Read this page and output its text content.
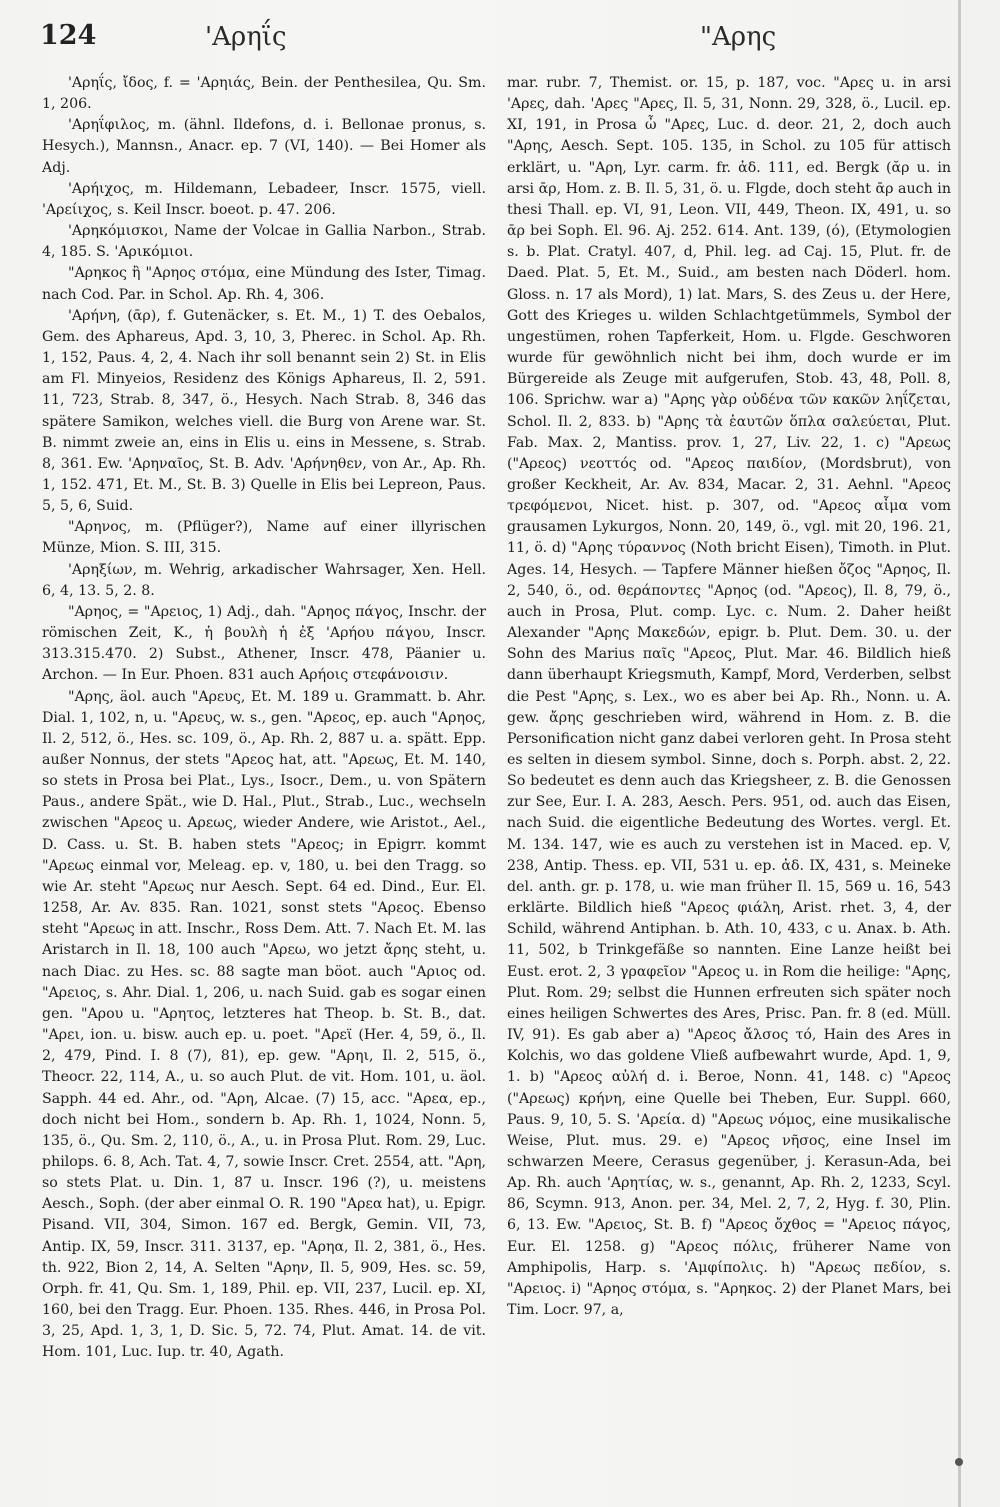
124	'Αρηΐς	"Αρης

'Αρηΐς, ἴδος, f. = 'Αρηιάς, Bein. der Penthesilea, Qu. Sm. 1, 206.

'Αρηΐφιλος, m. (ähnl. Ildefons, d. i. Bellonae pronus, s. Hesych.), Mannsn., Anacr. ep. 7 (VI, 140). — Bei Homer als Adj.

'Αρήιχος, m. Hildemann, Lebadeer, Inscr. 1575, viell. 'Αρείιχος, s. Keil Inscr. boeot. p. 47. 206.

'Αρηκόμισκοι, Name der Volcae in Gallia Narbon., Strab. 4, 185. S. 'Αρικόμιοι.

"Αρηκος ἢ "Αρηος στόμα, eine Mündung des Ister, Timag. nach Cod. Par. in Schol. Ap. Rh. 4, 306.

'Αρήνη, (ᾱρ), f. Gutenäcker, s. Et. M., 1) T. des Oebalos, Gem. des Aphareus, Apd. 3, 10, 3, Pherec. in Schol. Ap. Rh. 1, 152, Paus. 4, 2, 4. Nach ihr soll benannt sein 2) St. in Elis am Fl. Minyeios, Residenz des Königs Aphareus, Il. 2, 591. 11, 723, Strab. 8, 347, ö., Hesych. Nach Strab. 8, 346 das spätere Samikon, welches viell. die Burg von Arene war. St. B. nimmt zweie an, eins in Elis u. eins in Messene, s. Strab. 8, 361. Ew. 'Αρηναῖος, St. B. Adv. 'Αρήνηθεν, von Ar., Ap. Rh. 1, 152. 471, Et. M., St. B. 3) Quelle in Elis bei Lepreon, Paus. 5, 5, 6, Suid.

"Αρηνος, m. (Pflüger?), Name auf einer illyrischen Münze, Mion. S. III, 315.

'Αρηξίων, m. Wehrig, arkadischer Wahrsager, Xen. Hell. 6, 4, 13. 5, 2. 8.

"Αρηος, = "Αρειος, 1) Adj., dah. "Αρηος πάγος, Inschr. der römischen Zeit, K., ἡ βουλὴ ἡ ἐξ 'Αρήου πάγου, Inscr. 313.315.470. 2) Subst., Athener, Inscr. 478, Päanier u. Archon. — In Eur. Phoen. 831 auch Αρήοις στεφάνοισιν.

"Αρης, äol. auch "Αρευς, Et. M. 189 u. Grammatt. b. Ahr. Dial. 1, 102, n, u. "Αρευς, w. s., gen. "Αρεος, ep. auch "Αρηος, Il. 2, 512, ö., Hes. sc. 109, ö., Ap. Rh. 2, 887 u. a. spätt. Epp. außer Nonnus, der stets "Αρεος hat, att. "Αρεως, Et. M. 140, so stets in Prosa bei Plat., Lys., Isocr., Dem., u. von Spätern Paus., andere Spät., wie D. Hal., Plut., Strab., Luc., wechseln zwischen "Αρεος u. Αρεως, wieder Andere, wie Aristot., Ael., D. Cass. u. St. B. haben stets "Αρεος; in Epigrr. kommt "Αρεως einmal vor, Meleag. ep. v, 180, u. bei den Tragg. so wie Ar. steht "Αρεως nur Aesch. Sept. 64 ed. Dind., Eur. El. 1258, Ar. Av. 835. Ran. 1021, sonst stets "Αρεος. Ebenso steht "Αρεως in att. Inschr., Ross Dem. Att. 7. Nach Et. M. las Aristarch in Il. 18, 100 auch "Αρεω, wo jetzt ἄρης steht, u. nach Diac. zu Hes. sc. 88 sagte man böot. auch "Αριος od. "Αρειος, s. Ahr. Dial. 1, 206, u. nach Suid. gab es sogar einen gen. "Αρου u. "Αρητος, letzteres hat Theop. b. St. B., dat. "Αρει, ion. u. bisw. auch ep. u. poet. "Αρεϊ (Her. 4, 59, ö., Il. 2, 479, Pind. I. 8 (7), 81), ep. gew. "Αρηι, Il. 2, 515, ö., Theocr. 22, 114, A., u. so auch Plut. de vit. Hom. 101, u. äol. Sapph. 44 ed. Ahr., od. "Αρη, Alcae. (7) 15, acc. "Αρεα, ep., doch nicht bei Hom., sondern b. Ap. Rh. 1, 1024, Nonn. 5, 135, ö., Qu. Sm. 2, 110, ö., A., u. in Prosa Plut. Rom. 29, Luc. philops. 6. 8, Ach. Tat. 4, 7, sowie Inscr. Cret. 2554, att. "Αρη, so stets Plat. u. Din. 1, 87 u. Inscr. 196 (?), u. meistens Aesch., Soph. (der aber einmal O. R. 190 "Αρεα hat), u. Epigr. Pisand. VII, 304, Simon. 167 ed. Bergk, Gemin. VII, 73, Antip. IX, 59, Inscr. 311. 3137, ep. "Αρηα, Il. 2, 381, ö., Hes. th. 922, Bion 2, 14, A. Selten "Αρην, Il. 5, 909, Hes. sc. 59, Orph. fr. 41, Qu. Sm. 1, 189, Phil. ep. VII, 237, Lucil. ep. XI, 160, bei den Tragg. Eur. Phoen. 135. Rhes. 446, in Prosa Pol. 3, 25, Apd. 1, 3, 1, D. Sic. 5, 72. 74, Plut. Amat. 14. de vit. Hom. 101, Luc. Iup. tr. 40, Agath.

mar. rubr. 7, Themist. or. 15, p. 187, voc. "Αρες u. in arsi 'Αρες, dah. 'Αρες "Αρες, Il. 5, 31, Nonn. 29, 328, ö., Lucil. ep. XI, 191, in Prosa ὦ "Αρες, Luc. d. deor. 21, 2, doch auch "Αρης, Aesch. Sept. 105. 135, in Schol. zu 105 für attisch erklärt, u. "Αρη, Lyr. carm. fr. ἀδ. 111, ed. Bergk (ᾰρ u. in arsi ᾱρ, Hom. z. B. Il. 5, 31, ö. u. Flgde, doch steht ᾱρ auch in thesi Thall. ep. VI, 91, Leon. VII, 449, Theon. IX, 491, u. so ᾱρ bei Soph. El. 96. Aj. 252. 614. Ant. 139, (ό), (Etymologien s. b. Plat. Cratyl. 407, d, Phil. leg. ad Caj. 15, Plut. fr. de Daed. Plat. 5, Et. M., Suid., am besten nach Döderl. hom. Gloss. n. 17 als Mord), 1) lat. Mars, S. des Zeus u. der Here, Gott des Krieges u. wilden Schlachtgetümmels, Symbol der ungestümen, rohen Tapferkeit, Hom. u. Flgde. Geschworen wurde für gewöhnlich nicht bei ihm, doch wurde er im Bürgereide als Zeuge mit aufgerufen, Stob. 43, 48, Poll. 8, 106. Sprichw. war a) "Αρης γὰρ οὐδένα τῶν κακῶν ληΐζεται, Schol. Il. 2, 833. b) "Αρης τὰ ἑαυτῶν ὅπλα σαλεύεται, Plut. Fab. Max. 2, Mantiss. prov. 1, 27, Liv. 22, 1. c) "Αρεως ("Αρεος) νεοττός od. "Αρεος παιδίον, (Mordsbrut), von großer Keckheit, Ar. Av. 834, Macar. 2, 31. Aehnl. "Αρεος τρεφόμενοι, Nicet. hist. p. 307, od. "Αρεος αἷμα vom grausamen Lykurgos, Nonn. 20, 149, ö., vgl. mit 20, 196. 21, 11, ö. d) "Αρης τύραννος (Noth bricht Eisen), Timoth. in Plut. Ages. 14, Hesych. — Tapfere Männer hießen ὄζος "Αρηος, Il. 2, 540, ö., od. θεράποντες "Αρηος (od. "Αρεος), Il. 8, 79, ö., auch in Prosa, Plut. comp. Lyc. c. Num. 2. Daher heißt Alexander "Αρης Μακεδών, epigr. b. Plut. Dem. 30. u. der Sohn des Marius παῖς "Αρεος, Plut. Mar. 46. Bildlich hieß dann überhaupt Kriegsmuth, Kampf, Mord, Verderben, selbst die Pest "Αρης, s. Lex., wo es aber bei Ap. Rh., Nonn. u. A. gew. ἄρης geschrieben wird, während in Hom. z. B. die Personification nicht ganz dabei verloren geht. In Prosa steht es selten in diesem symbol. Sinne, doch s. Porph. abst. 2, 22. So bedeutet es denn auch das Kriegsheer, z. B. die Genossen zur See, Eur. I. A. 283, Aesch. Pers. 951, od. auch das Eisen, nach Suid. die eigentliche Bedeutung des Wortes. vergl. Et. M. 134. 147, wie es auch zu verstehen ist in Maced. ep. V, 238, Antip. Thess. ep. VII, 531 u. ep. ἀδ. IX, 431, s. Meineke del. anth. gr. p. 178, u. wie man früher Il. 15, 569 u. 16, 543 erklärte. Bildlich hieß "Αρεος φιάλη, Arist. rhet. 3, 4, der Schild, während Antiphan. b. Ath. 10, 433, c u. Anax. b. Ath. 11, 502, b Trinkgefäße so nannten. Eine Lanze heißt bei Eust. erot. 2, 3 γραφεῖον "Αρεος u. in Rom die heilige: "Αρης, Plut. Rom. 29; selbst die Hunnen erfreuten sich später noch eines heiligen Schwertes des Ares, Prisc. Pan. fr. 8 (ed. Müll. IV, 91). Es gab aber a) "Αρεος ἄλσος τό, Hain des Ares in Kolchis, wo das goldene Vließ aufbewahrt wurde, Apd. 1, 9, 1. b) "Αρεος αὐλή d. i. Beroe, Nonn. 41, 148. c) "Αρεος ("Αρεως) κρήνη, eine Quelle bei Theben, Eur. Suppl. 660, Paus. 9, 10, 5. S. 'Αρεία. d) "Αρεως νόμος, eine musikalische Weise, Plut. mus. 29. e) "Αρεος νῆσος, eine Insel im schwarzen Meere, Cerasus gegenüber, j. Kerasun-Ada, bei Ap. Rh. auch 'Αρητίας, w. s., genannt, Ap. Rh. 2, 1233, Scyl. 86, Scymn. 913, Anon. per. 34, Mel. 2, 7, 2, Hyg. f. 30, Plin. 6, 13. Ew. "Αρειος, St. B. f) "Αρεος ὄχθος = "Αρειος πάγος, Eur. El. 1258. g) "Αρεος πόλις, früherer Name von Amphipolis, Harp. s. 'Αμφίπολις. h) "Αρεως πεδίον, s. "Αρειος. i) "Αρηος στόμα, s. "Αρηκος. 2) der Planet Mars, bei Tim. Locr. 97, a,
